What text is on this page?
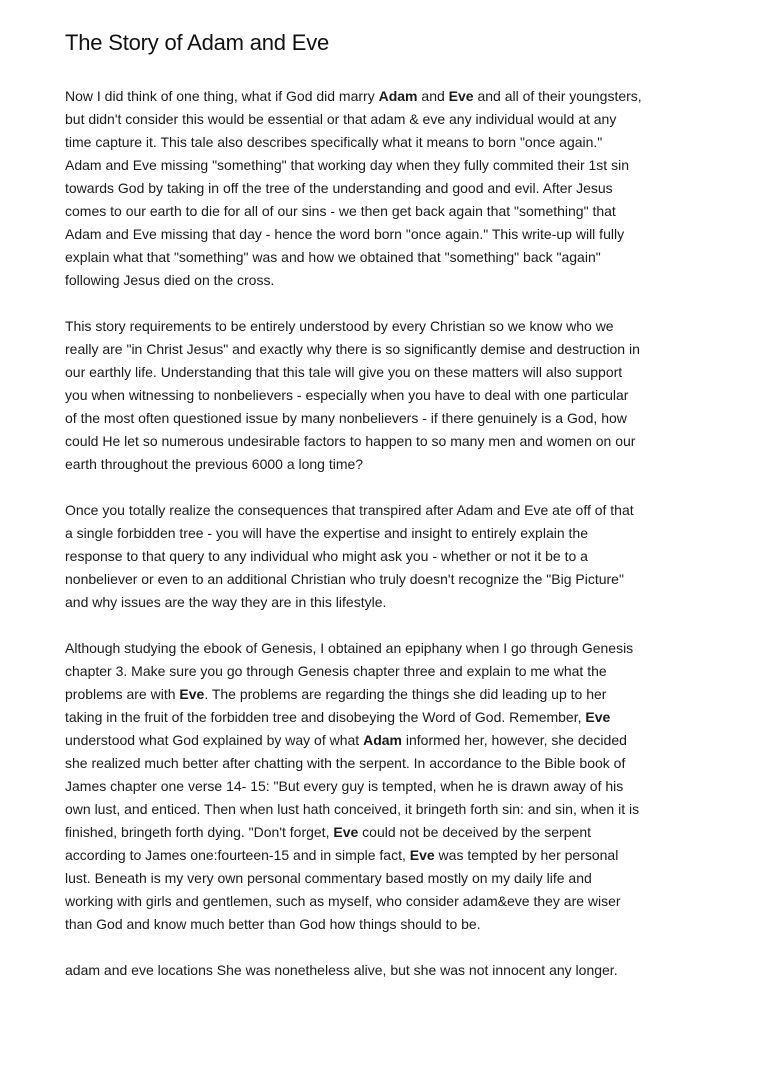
The Story of Adam and Eve
Now I did think of one thing, what if God did marry Adam and Eve and all of their youngsters,
but didn't consider this would be essential or that adam & eve any individual would at any
time capture it. This tale also describes specifically what it means to born "once again."
Adam and Eve missing "something" that working day when they fully commited their 1st sin
towards God by taking in off the tree of the understanding and good and evil. After Jesus
comes to our earth to die for all of our sins - we then get back again that "something" that
Adam and Eve missing that day - hence the word born "once again." This write-up will fully
explain what that "something" was and how we obtained that "something" back "again"
following Jesus died on the cross.
This story requirements to be entirely understood by every Christian so we know who we
really are "in Christ Jesus" and exactly why there is so significantly demise and destruction in
our earthly life. Understanding that this tale will give you on these matters will also support
you when witnessing to nonbelievers - especially when you have to deal with one particular
of the most often questioned issue by many nonbelievers - if there genuinely is a God, how
could He let so numerous undesirable factors to happen to so many men and women on our
earth throughout the previous 6000 a long time?
Once you totally realize the consequences that transpired after Adam and Eve ate off of that
a single forbidden tree - you will have the expertise and insight to entirely explain the
response to that query to any individual who might ask you - whether or not it be to a
nonbeliever or even to an additional Christian who truly doesn't recognize the "Big Picture"
and why issues are the way they are in this lifestyle.
Although studying the ebook of Genesis, I obtained an epiphany when I go through Genesis
chapter 3. Make sure you go through Genesis chapter three and explain to me what the
problems are with Eve. The problems are regarding the things she did leading up to her
taking in the fruit of the forbidden tree and disobeying the Word of God. Remember, Eve
understood what God explained by way of what Adam informed her, however, she decided
she realized much better after chatting with the serpent. In accordance to the Bible book of
James chapter one verse 14- 15: "But every guy is tempted, when he is drawn away of his
own lust, and enticed. Then when lust hath conceived, it bringeth forth sin: and sin, when it is
finished, bringeth forth dying. "Don't forget, Eve could not be deceived by the serpent
according to James one:fourteen-15 and in simple fact, Eve was tempted by her personal
lust. Beneath is my very own personal commentary based mostly on my daily life and
working with girls and gentlemen, such as myself, who consider adam&eve they are wiser
than God and know much better than God how things should to be.
adam and eve locations She was nonetheless alive, but she was not innocent any longer.
